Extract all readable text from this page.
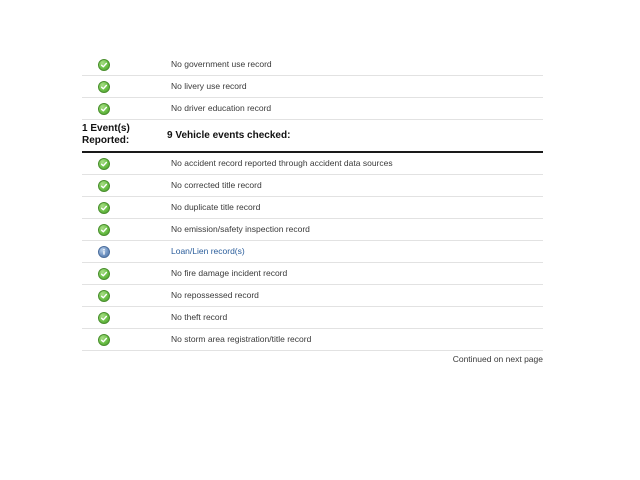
No government use record
No livery use record
No driver education record
1 Event(s) Reported:	9 Vehicle events checked:
No accident record reported through accident data sources
No corrected title record
No duplicate title record
No emission/safety inspection record
Loan/Lien record(s)
No fire damage incident record
No repossessed record
No theft record
No storm area registration/title record
Continued on next page
